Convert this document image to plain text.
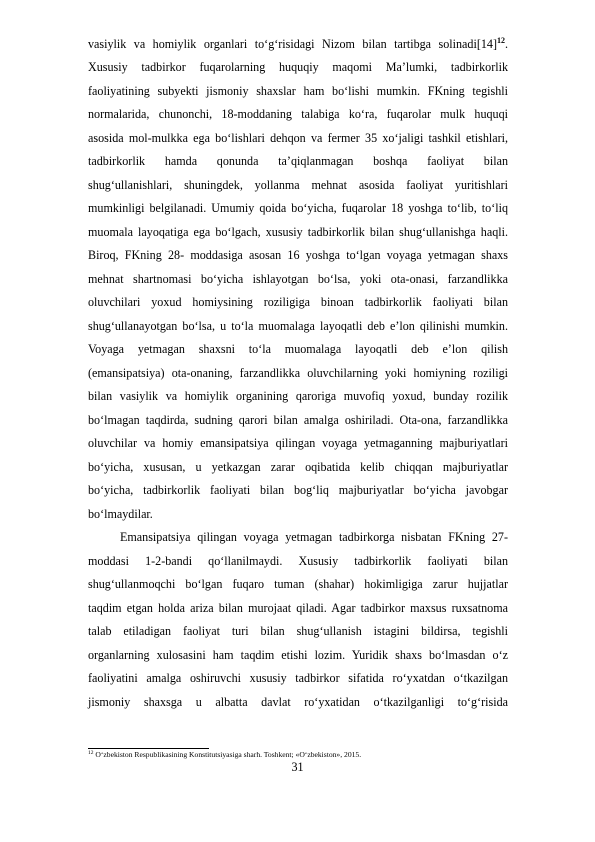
vasiylik va homiylik organlari to‘g‘risidagi Nizom bilan tartibga $solinadi[14]^{12}$.
Xususiy tadbirkor fuqarolarning huquqiy maqomi Ma’lumki, tadbirkorlik
faoliyatining subyekti jismoniy shaxslar ham bo‘lishi mumkin. FKning tegishli
normalarida, chunonchi, 18-moddaning talabiga ko‘ra, fuqarolar mulk huquqi
asosida mol-mulkka ega bo‘lishlari dehqon va fermer 35 xo‘jaligi tashkil etishlari,
tadbirkorlik hamda qonunda ta’qiqlanmagan boshqa faoliyat bilan
shug‘ullanishlari, shuningdek, yollanma mehnat asosida faoliyat yuritishlari
mumkinligi belgilanadi. Umumiy qoida bo‘yicha, fuqarolar 18 yoshga to‘lib, to‘liq
muomala layoqatiga ega bo‘lgach, xususiy tadbirkorlik bilan shug‘ullanishga haqli.
Biroq, FKning 28- moddasiga asosan 16 yoshga to‘lgan voyaga yetmagan shaxs
mehnat shartnomasi bo‘yicha ishlayotgan bo‘lsa, yoki ota-onasi, farzandlikka
oluvchilari yoxud homiysining roziligiga binoan tadbirkorlik faoliyati bilan
shug‘ullanayotgan bo‘lsa, u to‘la muomalaga layoqatli deb e’lon qilinishi mumkin.
Voyaga yetmagan shaxsni to‘la muomalaga layoqatli deb e’lon qilish
(emansipatsiya) ota-onaning, farzandlikka oluvchilarning yoki homiyning roziligi
bilan vasiylik va homiylik organining qaroriga muvofiq yoxud, bunday rozilik
bo‘lmagan taqdirda, sudning qarori bilan amalga oshiriladi. Ota-ona, farzandlikka
oluvchilar va homiy emansipatsiya qilingan voyaga yetmaganning majburiyatlari
bo‘yicha, xususan, u yetkazgan zarar oqibatida kelib chiqqan majburiyatlar
bo‘yicha, tadbirkorlik faoliyati bilan bog‘liq majburiyatlar bo‘yicha javobgar
bo‘lmaydilar.
Emansipatsiya qilingan voyaga yetmagan tadbirkorga nisbatan FKning 27-
moddasi 1-2-bandi qo‘llanilmaydi. Xususiy tadbirkorlik faoliyati bilan
shug‘ullanmoqchi bo‘lgan fuqaro tuman (shahar) hokimligiga zarur hujjatlar
taqdim etgan holda ariza bilan murojaat qiladi. Agar tadbirkor maxsus ruxsatnoma
talab etiladigan faoliyat turi bilan shug‘ullanish istagini bildirsa, tegishli
organlarning xulosasini ham taqdim etishi lozim. Yuridik shaxs bo‘lmasdan o‘z
faoliyatini amalga oshiruvchi xususiy tadbirkor sifatida ro‘yxatdan o‘tkazilgan
jismoniy shaxsga u albatta davlat ro‘yxatidan o‘tkazilganligi to‘g‘risida
$^{12}$ O‘zbekiston Respublikasining Konstitutsiyasiga sharh. Toshkent; «O‘zbekiston», 2015.
31
